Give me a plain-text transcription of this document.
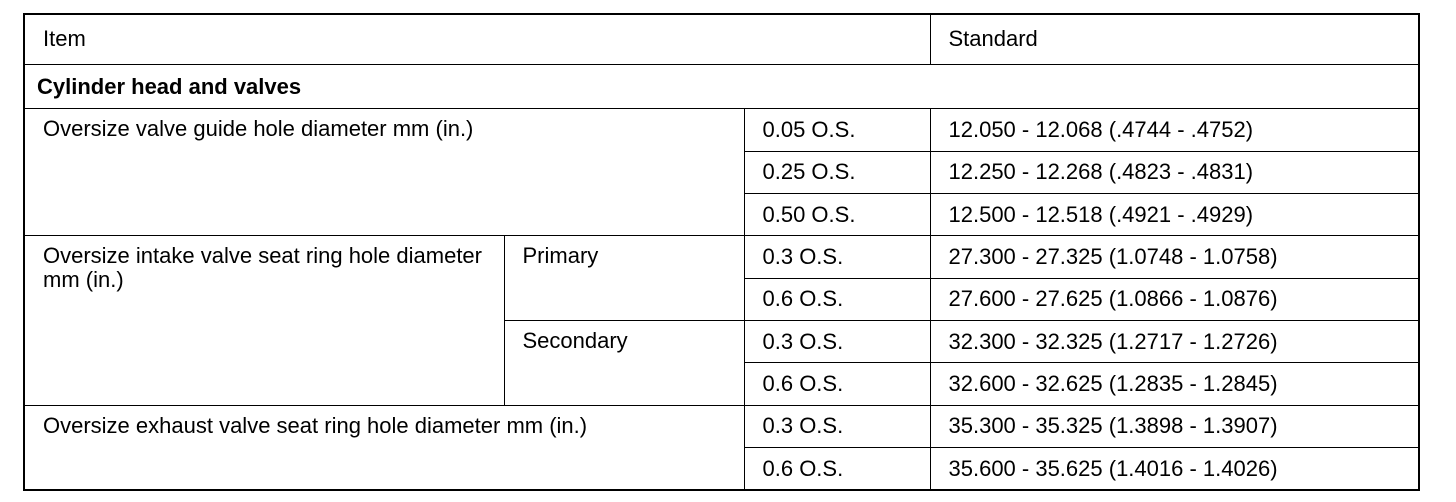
Item			Standard
Cylinder head and valves			
Oversize valve guide hole diameter mm (in.)		0.05 O.S.	12.050 - 12.068 (.4744 - .4752)
		0.25 O.S.	12.250 - 12.268 (.4823 - .4831)
		0.50 O.S.	12.500 - 12.518 (.4921 - .4929)
Oversize intake valve seat ring hole diameter mm (in.)	Primary	0.3 O.S.	27.300 - 27.325 (1.0748 - 1.0758)
		0.6 O.S.	27.600 - 27.625 (1.0866 - 1.0876)
	Secondary	0.3 O.S.	32.300 - 32.325 (1.2717 - 1.2726)
		0.6 O.S.	32.600 - 32.625 (1.2835 - 1.2845)
Oversize exhaust valve seat ring hole diameter mm (in.)		0.3 O.S.	35.300 - 35.325 (1.3898 - 1.3907)
		0.6 O.S.	35.600 - 35.625 (1.4016 - 1.4026)
